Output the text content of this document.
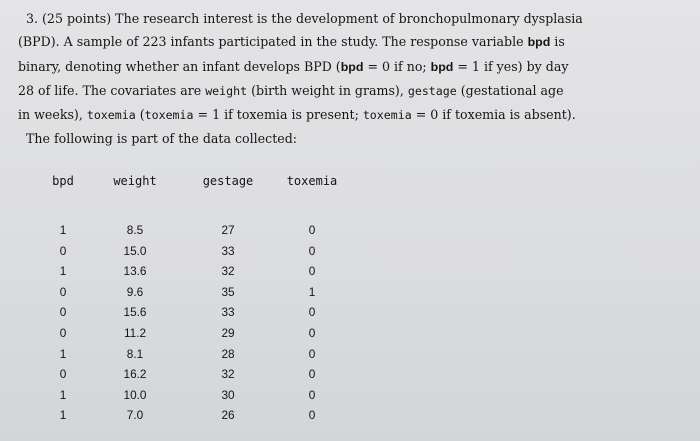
3. (25 points) The research interest is the development of bronchopulmonary dysplasia
(BPD). A sample of 223 infants participated in the study. The response variable bpd is
binary, denoting whether an infant develops BPD (bpd = 0 if no; bpd = 1 if yes) by day
28 of life. The covariates are weight (birth weight in grams), gestage (gestational age
in weeks), toxemia (toxemia = 1 if toxemia is present; toxemia = 0 if toxemia is absent).
The following is part of the data collected:
bpd	weight	gestage	toxemia
1	8.5	27	0
0	15.0	33	0
1	13.6	32	0
0	9.6	35	1
0	15.6	33	0
0	11.2	29	0
1	8.1	28	0
0	16.2	32	0
1	10.0	30	0
1	7.0	26	0
